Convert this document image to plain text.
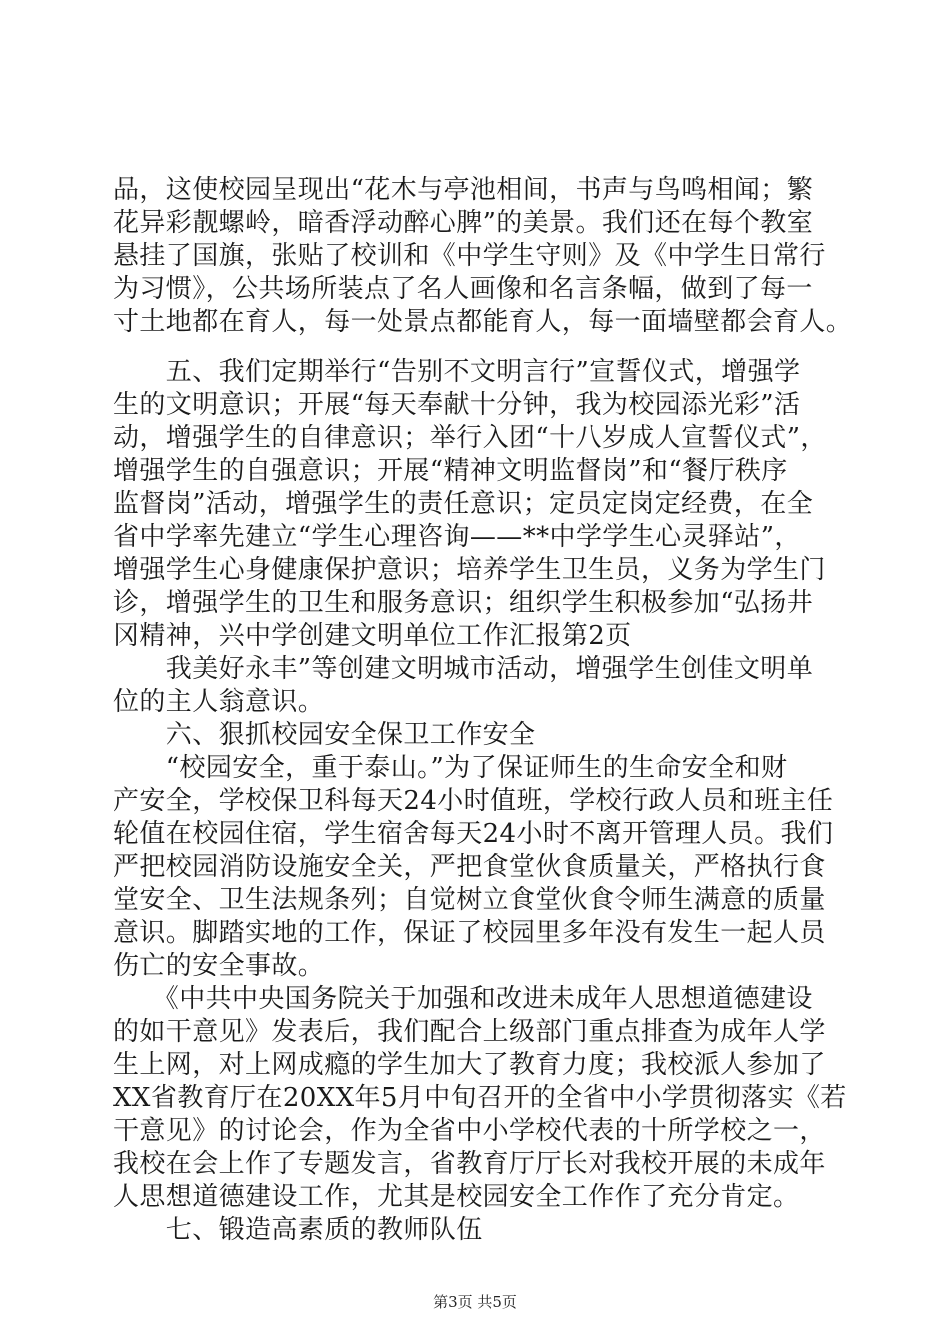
品，这使校园呈现出“花木与亭池相间，书声与鸟鸣相闻；繁
花异彩靓螺岭，暗香浮动醉心脾”的美景。我们还在每个教室
悬挂了国旗，张贴了校训和《中学生守则》及《中学生日常行
为习惯》，公共场所装点了名人画像和名言条幅，做到了每一
寸土地都在育人，每一处景点都能育人，每一面墙壁都会育人。
　　五、我们定期举行“告别不文明言行”宣誓仪式，增强学
生的文明意识；开展“每天奉献十分钟，我为校园添光彩”活
动，增强学生的自律意识；举行入团“十八岁成人宣誓仪式”，
增强学生的自强意识；开展“精神文明监督岗”和“餐厅秩序
监督岗”活动，增强学生的责任意识；定员定岗定经费，在全
省中学率先建立“学生心理咨询——**中学学生心灵驿站”，
增强学生心身健康保护意识；培养学生卫生员，义务为学生门
诊，增强学生的卫生和服务意识；组织学生积极参加“弘扬井
冈精神，兴中学创建文明单位工作汇报第2页
　　我美好永丰”等创建文明城市活动，增强学生创佳文明单
位的主人翁意识。
　　六、狠抓校园安全保卫工作安全
　　“校园安全，重于泰山。”为了保证师生的生命安全和财
产安全，学校保卫科每天24小时值班，学校行政人员和班主任
轮值在校园住宿，学生宿舍每天24小时不离开管理人员。我们
严把校园消防设施安全关，严把食堂伙食质量关，严格执行食
堂安全、卫生法规条列；自觉树立食堂伙食令师生满意的质量
意识。脚踏实地的工作，保证了校园里多年没有发生一起人员
伤亡的安全事故。
　　《中共中央国务院关于加强和改进未成年人思想道德建设
的如干意见》发表后，我们配合上级部门重点排查为成年人学
生上网，对上网成瘾的学生加大了教育力度；我校派人参加了
XX省教育厅在20XX年5月中旬召开的全省中小学贯彻落实《若
干意见》的讨论会，作为全省中小学校代表的十所学校之一，
我校在会上作了专题发言，省教育厅厅长对我校开展的未成年
人思想道德建设工作，尤其是校园安全工作作了充分肯定。
　　七、锻造高素质的教师队伍
第3页 共5页
